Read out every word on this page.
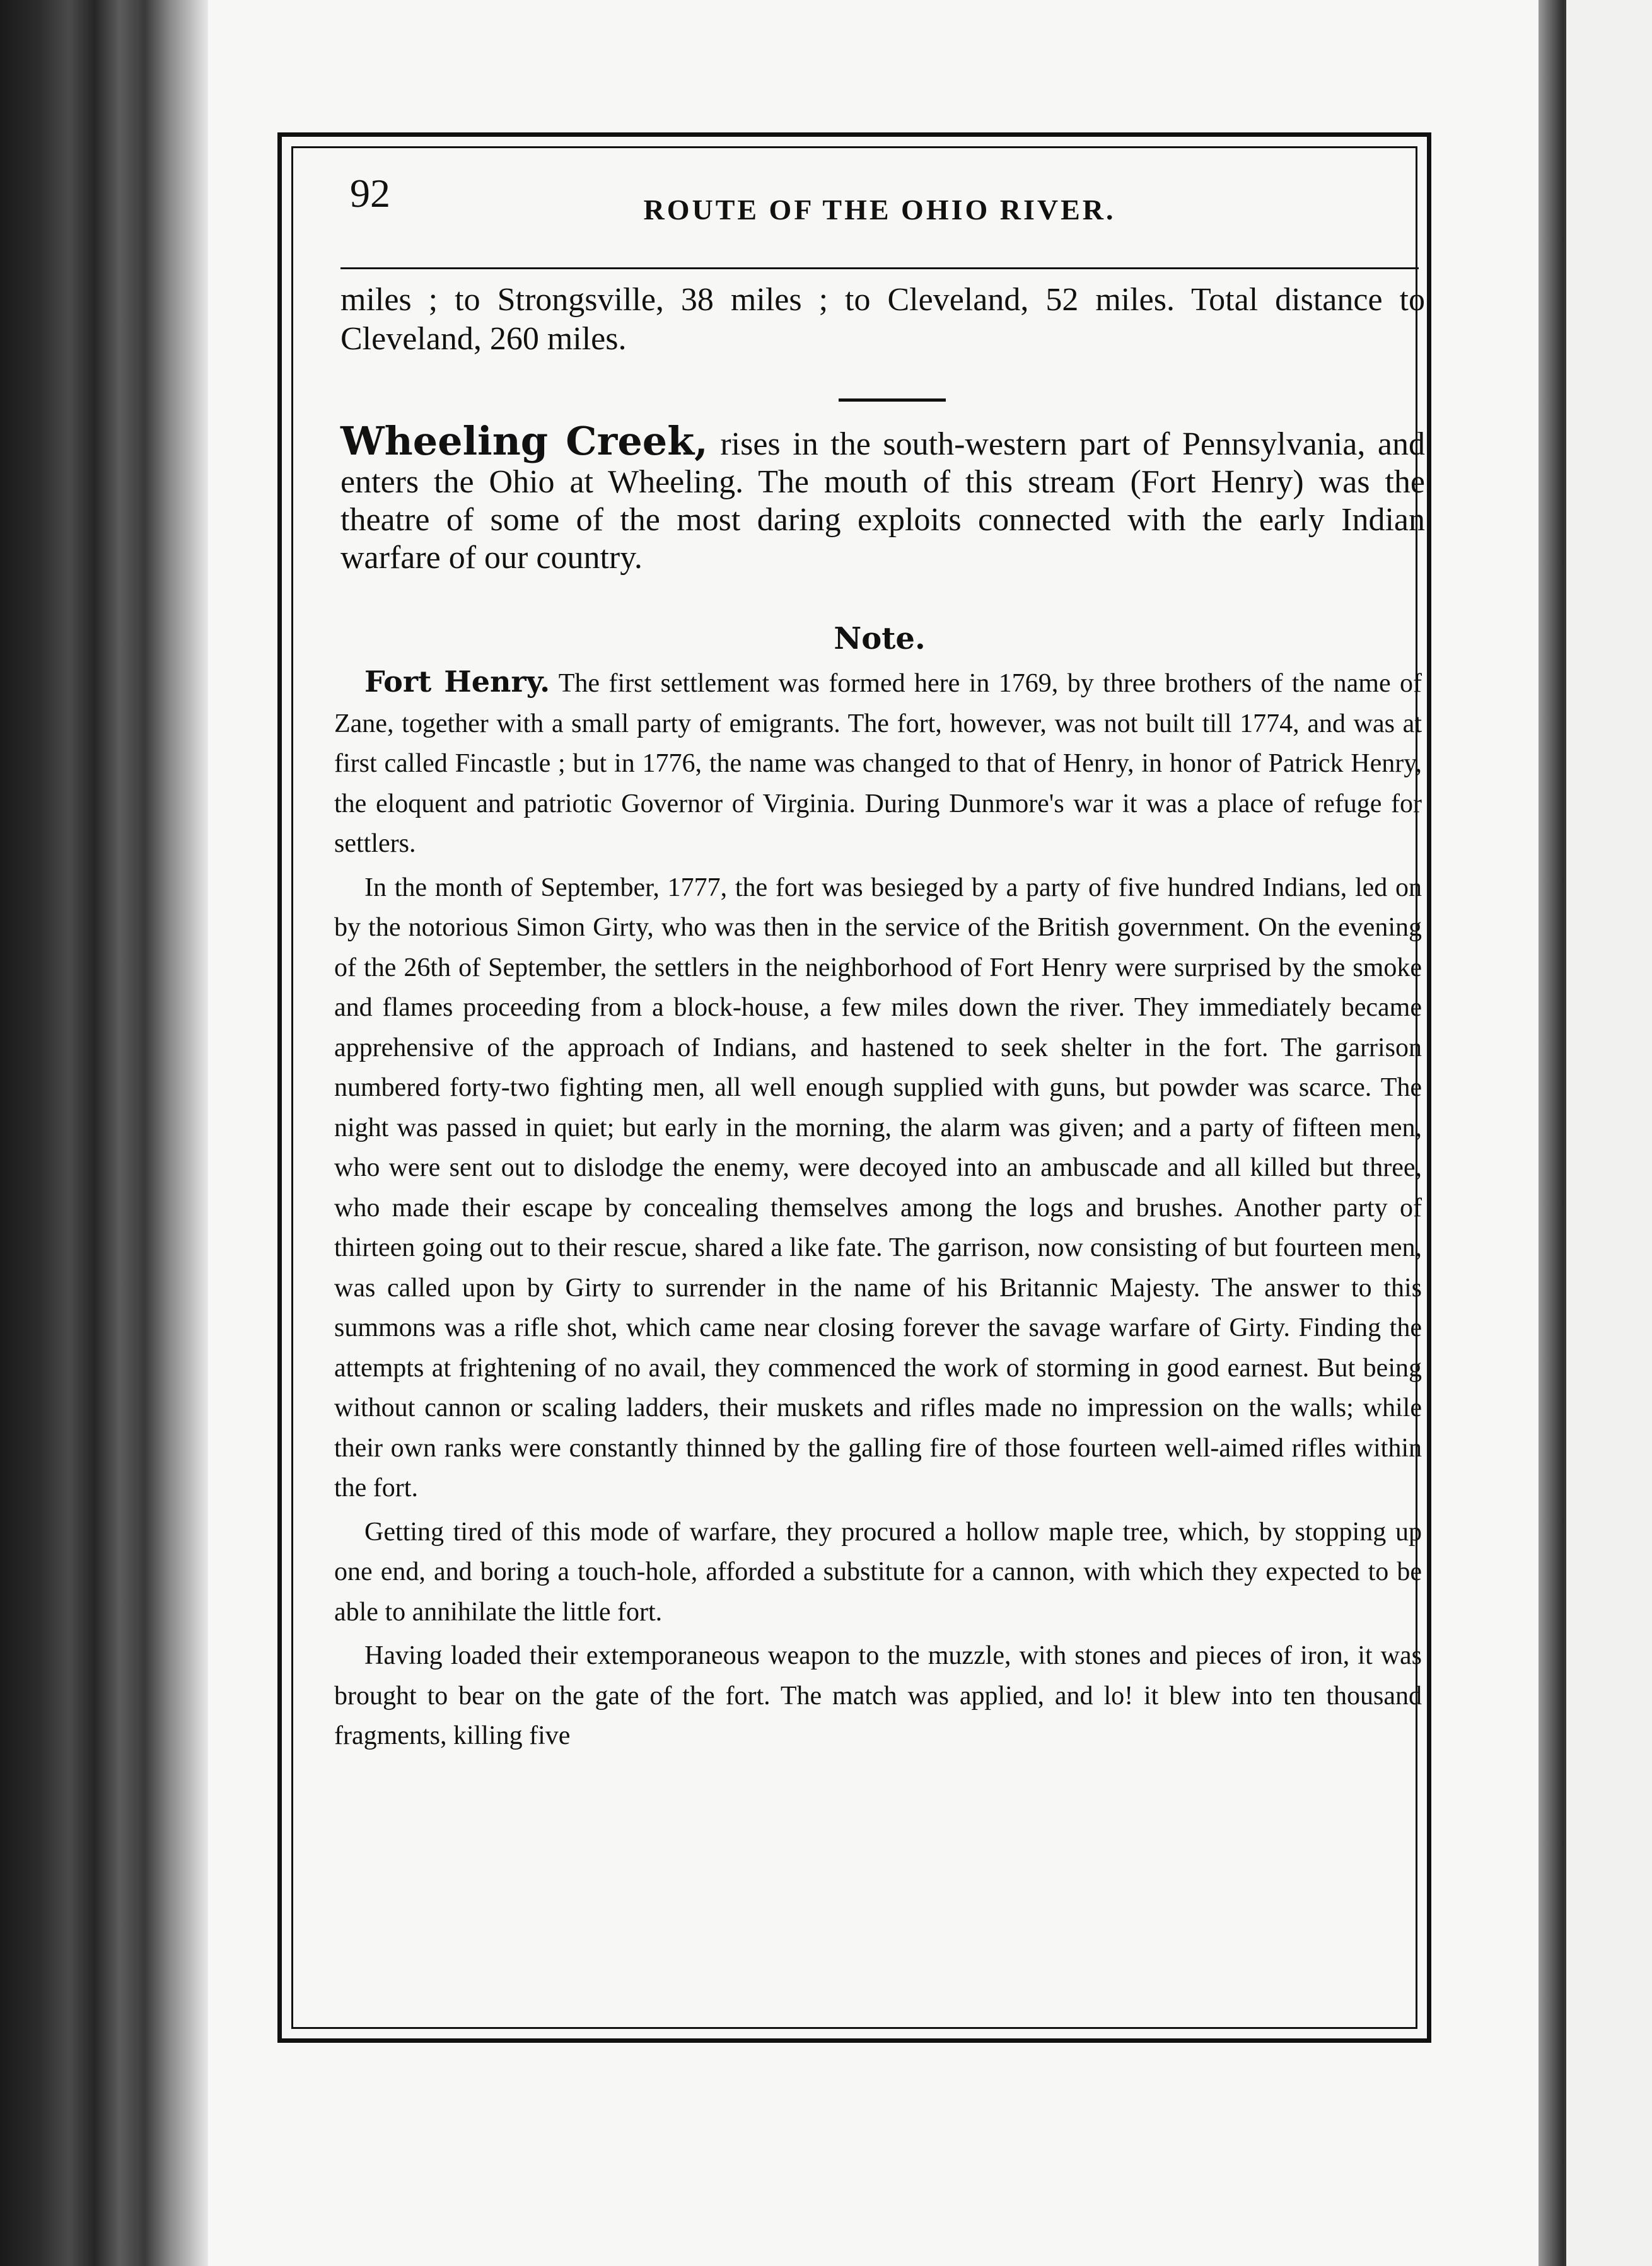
92	ROUTE OF THE OHIO RIVER.
miles ; to Strongsville, 38 miles ; to Cleveland, 52 miles. Total distance to Cleveland, 260 miles.
Wheeling Creek, rises in the south-western part of Pennsylvania, and enters the Ohio at Wheeling. The mouth of this stream (Fort Henry) was the theatre of some of the most daring exploits connected with the early Indian warfare of our country.
Note.

Fort Henry. The first settlement was formed here in 1769, by three brothers of the name of Zane, together with a small party of emigrants. The fort, however, was not built till 1774, and was at first called Fincastle ; but in 1776, the name was changed to that of Henry, in honor of Patrick Henry, the eloquent and patriotic Governor of Virginia. During Dunmore's war it was a place of refuge for settlers.

In the month of September, 1777, the fort was besieged by a party of five hundred Indians, led on by the notorious Simon Girty, who was then in the service of the British government. On the evening of the 26th of September, the settlers in the neighborhood of Fort Henry were surprised by the smoke and flames proceeding from a block-house, a few miles down the river. They immediately became apprehensive of the approach of Indians, and hastened to seek shelter in the fort. The garrison numbered forty-two fighting men, all well enough supplied with guns, but powder was scarce. The night was passed in quiet; but early in the morning, the alarm was given; and a party of fifteen men, who were sent out to dislodge the enemy, were decoyed into an ambuscade and all killed but three, who made their escape by concealing themselves among the logs and brushes. Another party of thirteen going out to their rescue, shared a like fate. The garrison, now consisting of but fourteen men, was called upon by Girty to surrender in the name of his Britannic Majesty. The answer to this summons was a rifle shot, which came near closing forever the savage warfare of Girty. Finding the attempts at frightening of no avail, they commenced the work of storming in good earnest. But being without cannon or scaling ladders, their muskets and rifles made no impression on the walls; while their own ranks were constantly thinned by the galling fire of those fourteen well-aimed rifles within the fort.

Getting tired of this mode of warfare, they procured a hollow maple tree, which, by stopping up one end, and boring a touch-hole, afforded a substitute for a cannon, with which they expected to be able to annihilate the little fort.

Having loaded their extemporaneous weapon to the muzzle, with stones and pieces of iron, it was brought to bear on the gate of the fort. The match was applied, and lo! it blew into ten thousand fragments, killing five
